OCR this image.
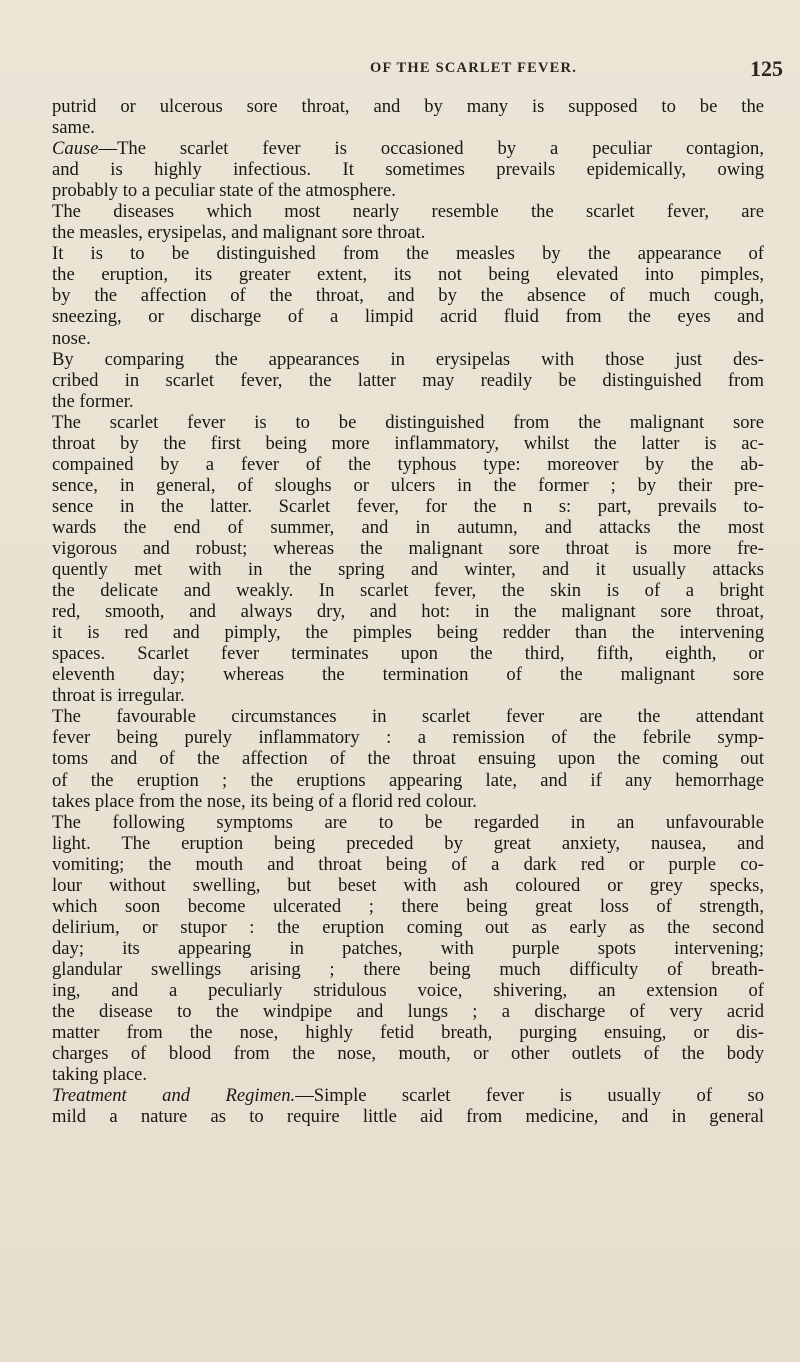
OF THE SCARLET FEVER.	125
putrid or ulcerous sore throat, and by many is supposed to be the
same.
Cause—The scarlet fever is occasioned by a peculiar contagion,
and is highly infectious. It sometimes prevails epidemically, owing
probably to a peculiar state of the atmosphere.
The diseases which most nearly resemble the scarlet fever, are
the measles, erysipelas, and malignant sore throat.
It is to be distinguished from the measles by the appearance of
the eruption, its greater extent, its not being elevated into pimples,
by the affection of the throat, and by the absence of much cough,
sneezing, or discharge of a limpid acrid fluid from the eyes and
nose.
By comparing the appearances in erysipelas with those just des-
cribed in scarlet fever, the latter may readily be distinguished from
the former.
The scarlet fever is to be distinguished from the malignant sore
throat by the first being more inflammatory, whilst the latter is ac-
compained by a fever of the typhous type: moreover by the ab-
sence, in general, of sloughs or ulcers in the former ; by their pre-
sence in the latter. Scarlet fever, for the n s: part, prevails to-
wards the end of summer, and in autumn, and attacks the most
vigorous and robust; whereas the malignant sore throat is more fre-
quently met with in the spring and winter, and it usually attacks
the delicate and weakly. In scarlet fever, the skin is of a bright
red, smooth, and always dry, and hot: in the malignant sore throat,
it is red and pimply, the pimples being redder than the intervening
spaces. Scarlet fever terminates upon the third, fifth, eighth, or
eleventh day; whereas the termination of the malignant sore
throat is irregular.
The favourable circumstances in scarlet fever are the attendant
fever being purely inflammatory : a remission of the febrile symp-
toms and of the affection of the throat ensuing upon the coming out
of the eruption ; the eruptions appearing late, and if any hemorrhage
takes place from the nose, its being of a florid red colour.
The following symptoms are to be regarded in an unfavourable
light. The eruption being preceded by great anxiety, nausea, and
vomiting; the mouth and throat being of a dark red or purple co-
lour without swelling, but beset with ash coloured or grey specks,
which soon become ulcerated ; there being great loss of strength,
delirium, or stupor : the eruption coming out as early as the second
day; its appearing in patches, with purple spots intervening;
glandular swellings arising ; there being much difficulty of breath-
ing, and a peculiarly stridulous voice, shivering, an extension of
the disease to the windpipe and lungs ; a discharge of very acrid
matter from the nose, highly fetid breath, purging ensuing, or dis-
charges of blood from the nose, mouth, or other outlets of the body
taking place.
Treatment and Regimen.—Simple scarlet fever is usually of so
mild a nature as to require little aid from medicine, and in general
